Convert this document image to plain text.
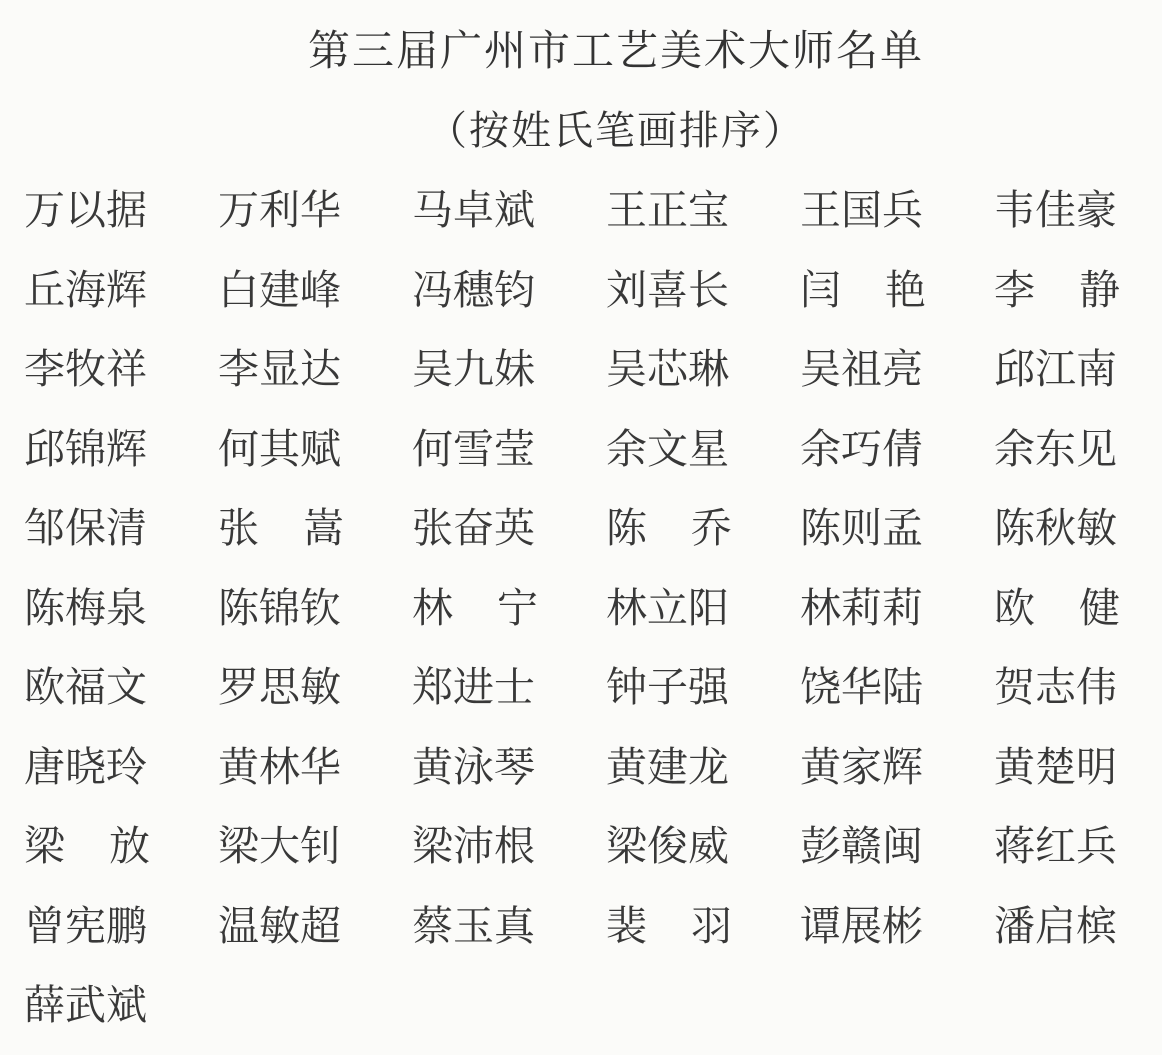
第三届广州市工艺美术大师名单
（按姓氏笔画排序）
万以据 万利华 马卓斌 王正宝 王国兵 韦佳豪
丘海辉 白建峰 冯穗钧 刘喜长 闫 艳 李 静
李牧祥 李显达 吴九妹 吴芯琳 吴祖亮 邱江南
邱锦辉 何其赋 何雪莹 余文星 余巧倩 余东见
邹保清 张 嵩 张奋英 陈 乔 陈则孟 陈秋敏
陈梅泉 陈锦钦 林 宁 林立阳 林莉莉 欧 健
欧福文 罗思敏 郑进士 钟子强 饶华陆 贺志伟
唐晓玲 黄林华 黄泳琴 黄建龙 黄家辉 黄楚明
梁 放 梁大钊 梁沛根 梁俊威 彭赣闽 蒋红兵
曾宪鹏 温敏超 蔡玉真 裴 羽 谭展彬 潘启槟
薛武斌
